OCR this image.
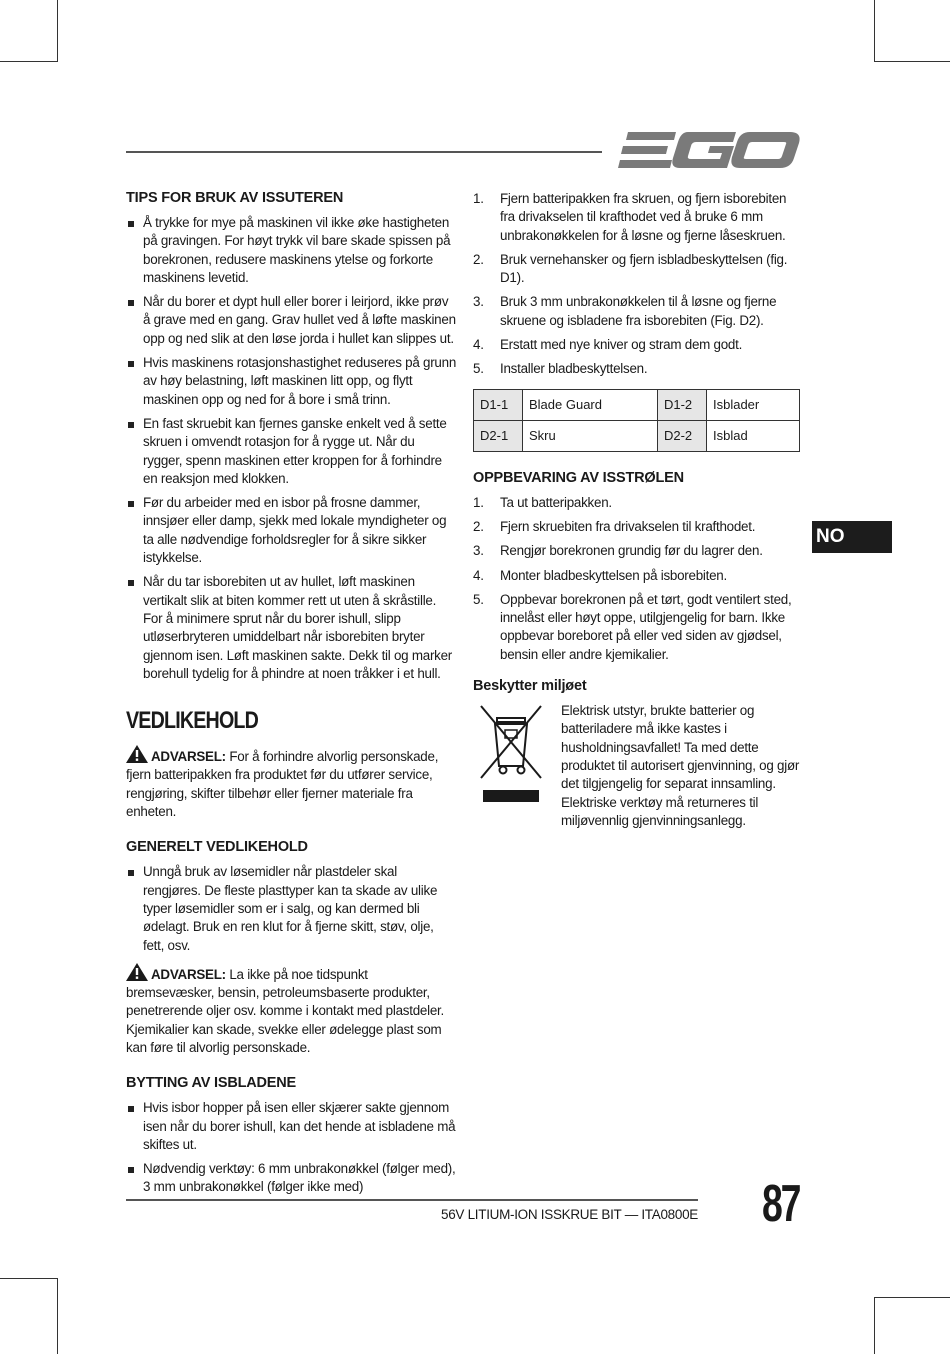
TIPS FOR BRUK AV ISSUTEREN
Å trykke for mye på maskinen vil ikke øke hastigheten på gravingen. For høyt trykk vil bare skade spissen på borekronen, redusere maskinens ytelse og forkorte maskinens levetid.
Når du borer et dypt hull eller borer i leirjord, ikke prøv å grave med en gang. Grav hullet ved å løfte maskinen opp og ned slik at den løse jorda i hullet kan slippes ut.
Hvis maskinens rotasjonshastighet reduseres på grunn av høy belastning, løft maskinen litt opp, og flytt maskinen opp og ned for å bore i små trinn.
En fast skruebit kan fjernes ganske enkelt ved å sette skruen i omvendt rotasjon for å rygge ut. Når du rygger, spenn maskinen etter kroppen for å forhindre en reaksjon med klokken.
Før du arbeider med en isbor på frosne dammer, innsjøer eller damp, sjekk med lokale myndigheter og ta alle nødvendige forholdsregler for å sikre sikker istykkelse.
Når du tar isborebiten ut av hullet, løft maskinen vertikalt slik at biten kommer rett ut uten å skråstille. For å minimere sprut når du borer ishull, slipp utløserbryteren umiddelbart når isborebiten bryter gjennom isen. Løft maskinen sakte. Dekk til og marker borehull tydelig for å phindre at noen tråkker i et hull.
VEDLIKEHOLD
ADVARSEL: For å forhindre alvorlig personskade, fjern batteripakken fra produktet før du utfører service, rengjøring, skifter tilbehør eller fjerner materiale fra enheten.
GENERELT VEDLIKEHOLD
Unngå bruk av løsemidler når plastdeler skal rengjøres. De fleste plasttyper kan ta skade av ulike typer løsemidler som er i salg, og kan dermed bli ødelagt. Bruk en ren klut for å fjerne skitt, støv, olje, fett, osv.
ADVARSEL: La ikke på noe tidspunkt bremsevæsker, bensin, petroleumsbaserte produkter, penetrerende oljer osv. komme i kontakt med plastdeler. Kjemikalier kan skade, svekke eller ødelegge plast som kan føre til alvorlig personskade.
BYTTING AV ISBLADENE
Hvis isbor hopper på isen eller skjærer sakte gjennom isen når du borer ishull, kan det hende at isbladene må skiftes ut.
Nødvendig verktøy: 6 mm unbrakonøkkel (følger med), 3 mm unbrakonøkkel (følger ikke med)
1. Fjern batteripakken fra skruen, og fjern isborebiten fra drivakselen til krafthodet ved å bruke 6 mm unbrakonøkkelen for å løsne og fjerne låseskruen.
2. Bruk vernehansker og fjern isbladbeskyttelsen (fig. D1).
3. Bruk 3 mm unbrakonøkkelen til å løsne og fjerne skruene og isbladene fra isborebiten (Fig. D2).
4. Erstatt med nye kniver og stram dem godt.
5. Installer bladbeskyttelsen.
D1-1	Blade Guard	D1-2	Isblader
D2-1	Skru	D2-2	Isblad
OPPBEVARING AV ISSTRØLEN
1. Ta ut batteripakken.
2. Fjern skruebiten fra drivakselen til krafthodet.
3. Rengjør borekronen grundig før du lagrer den.
4. Monter bladbeskyttelsen på isborebiten.
5. Oppbevar borekronen på et tørt, godt ventilert sted, innelåst eller høyt oppe, utilgjengelig for barn. Ikke oppbevar boreboret på eller ved siden av gjødsel, bensin eller andre kjemikalier.
Beskytter miljøet
Elektrisk utstyr, brukte batterier og batteriladere må ikke kastes i husholdningsavfallet! Ta med dette produktet til autorisert gjenvinning, og gjør det tilgjengelig for separat innsamling. Elektriske verktøy må returneres til miljøvennlig gjenvinningsanlegg.
NO
56V LITIUM-ION ISSKRUE BIT — ITA0800E 87
